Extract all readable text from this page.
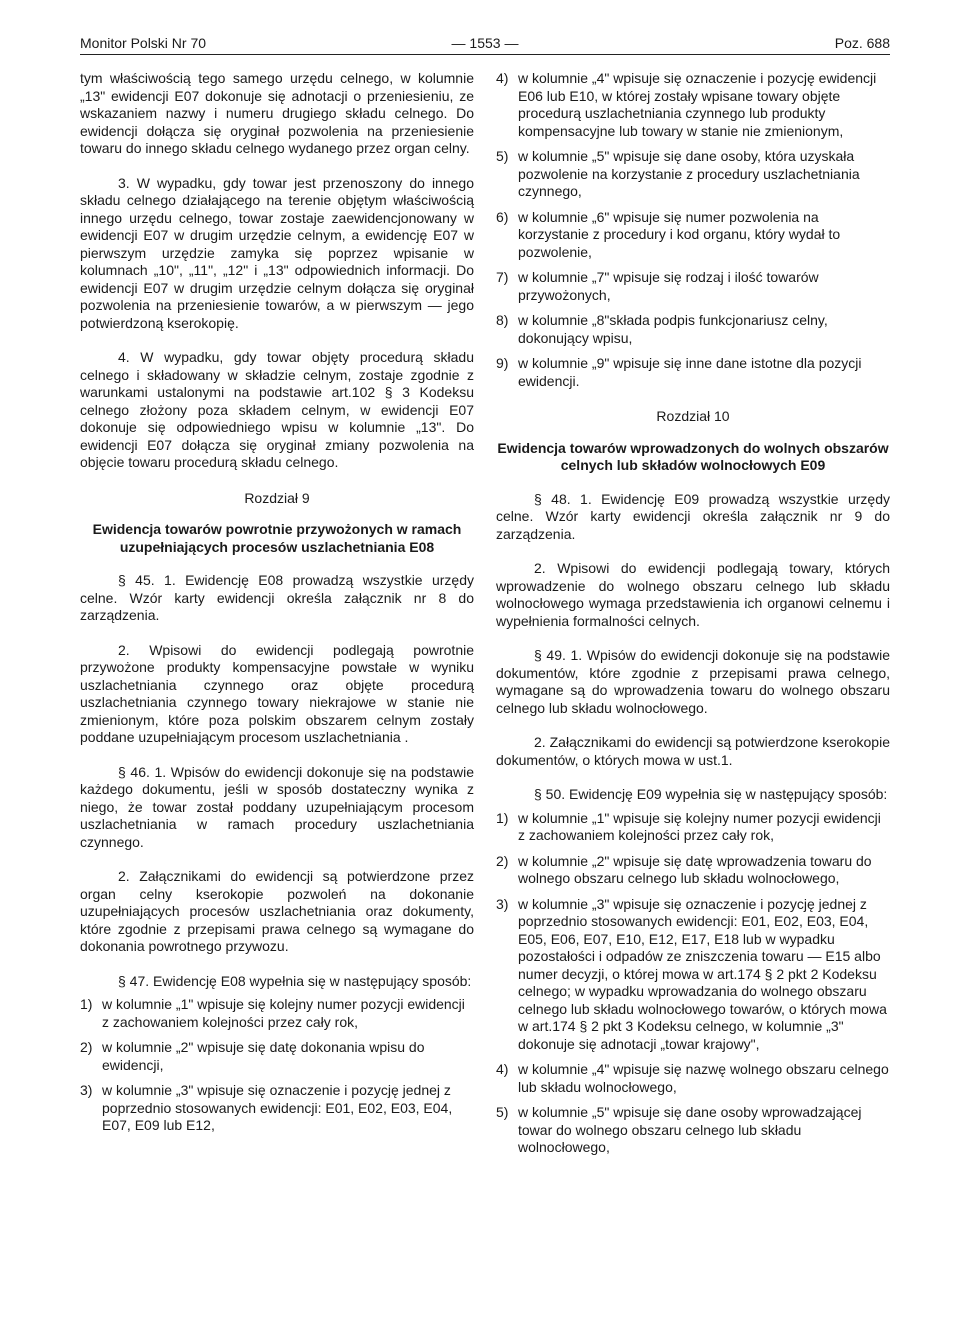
Monitor Polski Nr 70	— 1553 —	Poz. 688

tym właściwością tego samego urzędu celnego, w kolumnie „13" ewidencji E07 dokonuje się adnotacji o przeniesieniu, ze wskazaniem nazwy i numeru drugiego składu celnego. Do ewidencji dołącza się oryginał pozwolenia na przeniesienie towaru do innego składu celnego wydanego przez organ celny.

3. W wypadku, gdy towar jest przenoszony do innego składu celnego działającego na terenie objętym właściwością innego urzędu celnego, towar zostaje zaewidencjonowany w ewidencji E07 w drugim urzędzie celnym, a ewidencję E07 w pierwszym urzędzie zamyka się poprzez wpisanie w kolumnach „10", „11", „12" i „13" odpowiednich informacji. Do ewidencji E07 w drugim urzędzie celnym dołącza się oryginał pozwolenia na przeniesienie towarów, a w pierwszym — jego potwierdzoną kserokopię.

4. W wypadku, gdy towar objęty procedurą składu celnego i składowany w składzie celnym, zostaje zgodnie z warunkami ustalonymi na podstawie art.102 § 3 Kodeksu celnego złożony poza składem celnym, w ewidencji E07 dokonuje się odpowiedniego wpisu w kolumnie „13". Do ewidencji E07 dołącza się oryginał zmiany pozwolenia na objęcie towaru procedurą składu celnego.

Rozdział 9
Ewidencja towarów powrotnie przywożonych w ramach uzupełniających procesów uszlachetniania E08

§ 45. 1. Ewidencję E08 prowadzą wszystkie urzędy celne. Wzór karty ewidencji określa załącznik nr 8 do zarządzenia.

2. Wpisowi do ewidencji podlegają powrotnie przywożone produkty kompensacyjne powstałe w wyniku uszlachetniania czynnego oraz objęte procedurą uszlachetniania czynnego towary niekrajowe w stanie nie zmienionym, które poza polskim obszarem celnym zostały poddane uzupełniającym procesom uszlachetniania .

§ 46. 1. Wpisów do ewidencji dokonuje się na podstawie każdego dokumentu, jeśli w sposób dostateczny wynika z niego, że towar został poddany uzupełniającym procesom uszlachetniania w ramach procedury uszlachetniania czynnego.

2. Załącznikami do ewidencji są potwierdzone przez organ celny kserokopie pozwoleń na dokonanie uzupełniających procesów uszlachetniania oraz dokumenty, które zgodnie z przepisami prawa celnego są wymagane do dokonania powrotnego przywozu.

§ 47. Ewidencję E08 wypełnia się w następujący sposób:

1) w kolumnie „1" wpisuje się kolejny numer pozycji ewidencji z zachowaniem kolejności przez cały rok,
2) w kolumnie „2" wpisuje się datę dokonania wpisu do ewidencji,
3) w kolumnie „3" wpisuje się oznaczenie i pozycję jednej z poprzednio stosowanych ewidencji: E01, E02, E03, E04, E07, E09 lub E12,
4) w kolumnie „4" wpisuje się oznaczenie i pozycję ewidencji E06 lub E10, w której zostały wpisane towary objęte procedurą uszlachetniania czynnego lub produkty kompensacyjne lub towary w stanie nie zmienionym,
5) w kolumnie „5" wpisuje się dane osoby, która uzyskała pozwolenie na korzystanie z procedury uszlachetniania czynnego,
6) w kolumnie „6" wpisuje się numer pozwolenia na korzystanie z procedury i kod organu, który wydał to pozwolenie,
7) w kolumnie „7" wpisuje się rodzaj i ilość towarów przywożonych,
8) w kolumnie „8"składa podpis funkcjonariusz celny, dokonujący wpisu,
9) w kolumnie „9" wpisuje się inne dane istotne dla pozycji ewidencji.
Rozdział 10
Ewidencja towarów wprowadzonych do wolnych obszarów celnych lub składów wolnocłowych E09

§ 48. 1. Ewidencję E09 prowadzą wszystkie urzędy celne. Wzór karty ewidencji określa załącznik nr 9 do zarządzenia.

2. Wpisowi do ewidencji podlegają towary, których wprowadzenie do wolnego obszaru celnego lub składu wolnocłowego wymaga przedstawienia ich organowi celnemu i wypełnienia formalności celnych.

§ 49. 1. Wpisów do ewidencji dokonuje się na podstawie dokumentów, które zgodnie z przepisami prawa celnego, wymagane są do wprowadzenia towaru do wolnego obszaru celnego lub składu wolnocłowego.

2. Załącznikami do ewidencji są potwierdzone kserokopie dokumentów, o których mowa w ust.1.

§ 50. Ewidencję E09 wypełnia się w następujący sposób:

1) w kolumnie „1" wpisuje się kolejny numer pozycji ewidencji z zachowaniem kolejności przez cały rok,
2) w kolumnie „2" wpisuje się datę wprowadzenia towaru do wolnego obszaru celnego lub składu wolnocłowego,
3) w kolumnie „3" wpisuje się oznaczenie i pozycję jednej z poprzednio stosowanych ewidencji: E01, E02, E03, E04, E05, E06, E07, E10, E12, E17, E18 lub w wypadku pozostałości i odpadów ze zniszczenia towaru — E15 albo numer decyzji, o której mowa w art.174 § 2 pkt 2 Kodeksu celnego; w wypadku wprowadzania do wolnego obszaru celnego lub składu wolnocłowego towarów, o których mowa w art.174 § 2 pkt 3 Kodeksu celnego, w kolumnie „3" dokonuje się adnotacji „towar krajowy",
4) w kolumnie „4" wpisuje się nazwę wolnego obszaru celnego lub składu wolnocłowego,
5) w kolumnie „5" wpisuje się dane osoby wprowadzającej towar do wolnego obszaru celnego lub składu wolnocłowego,
